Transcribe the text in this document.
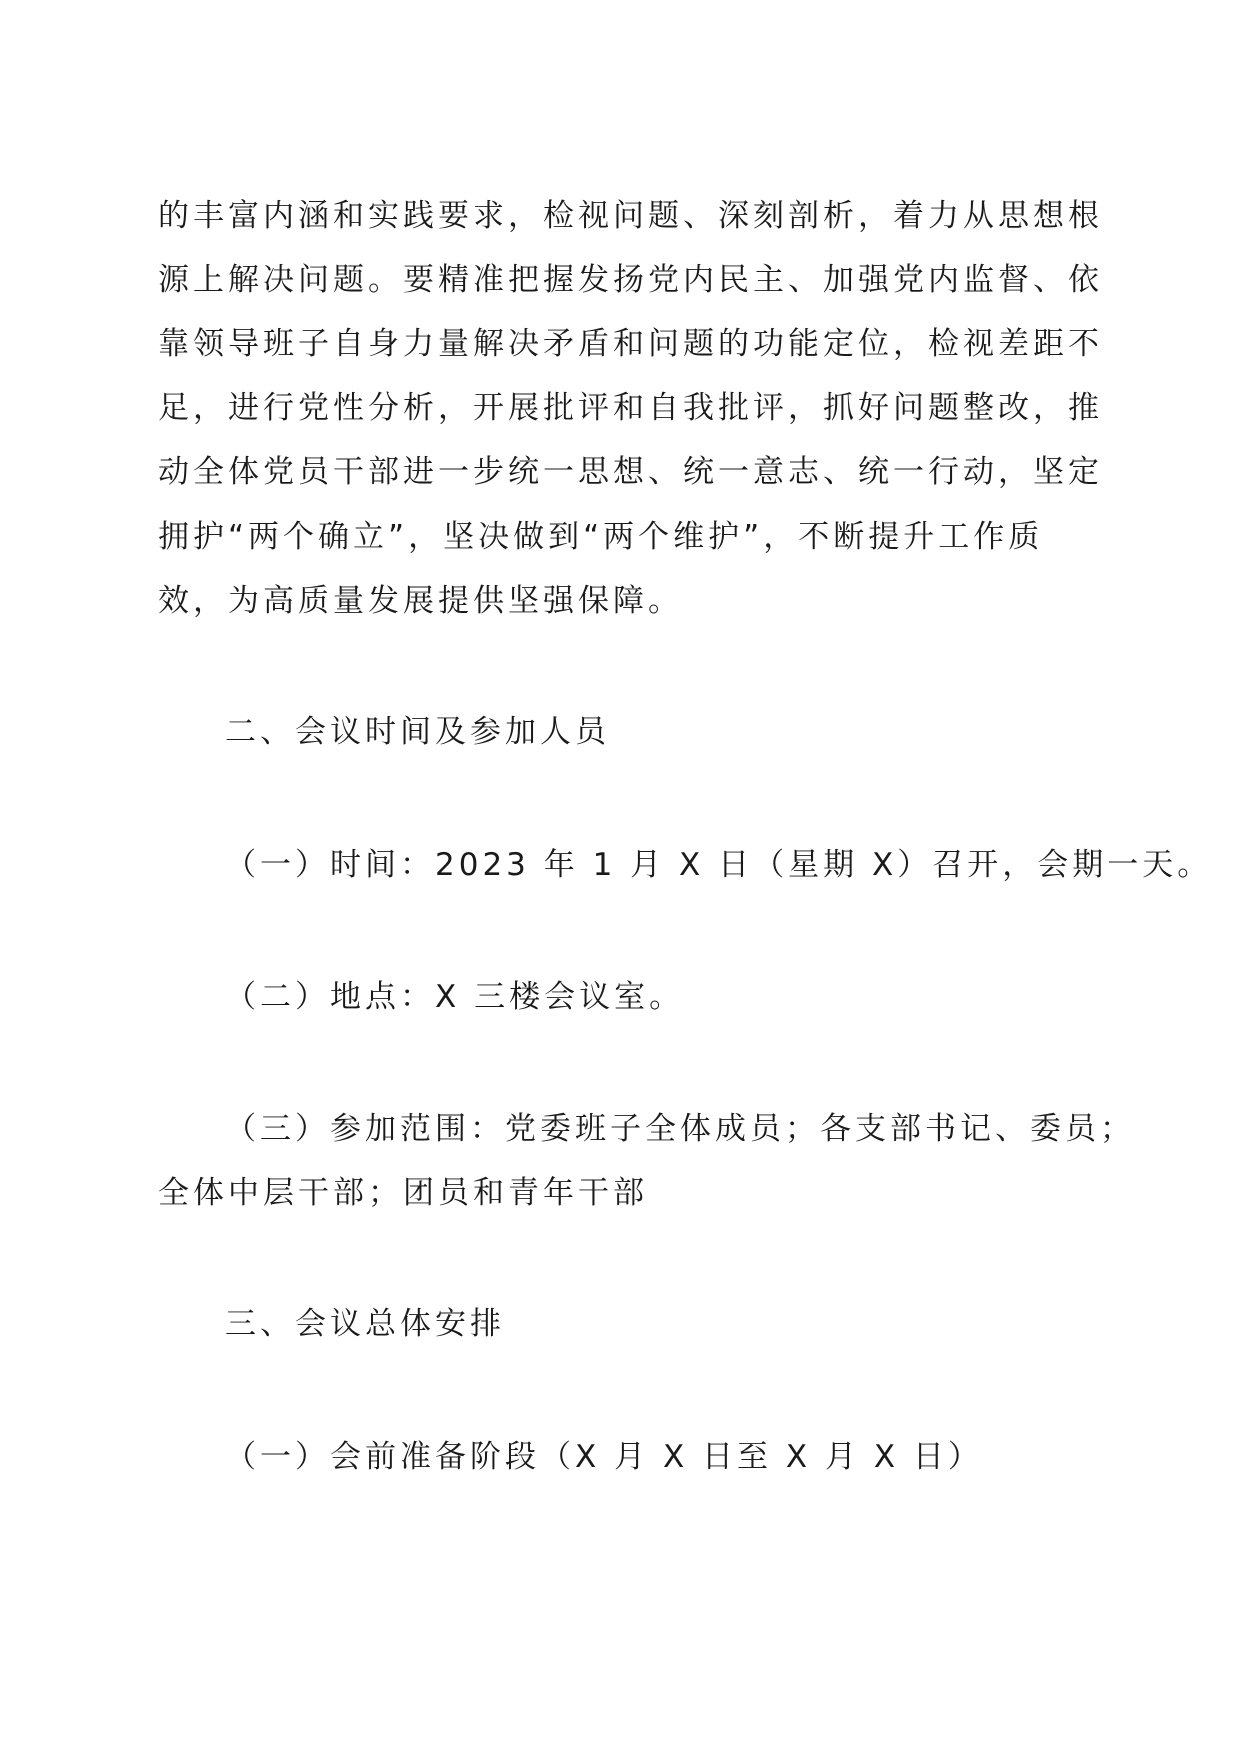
的丰富内涵和实践要求，检视问题、深刻剖析，着力从思想根
源上解决问题。要精准把握发扬党内民主、加强党内监督、依
靠领导班子自身力量解决矛盾和问题的功能定位，检视差距不
足，进行党性分析，开展批评和自我批评，抓好问题整改，推
动全体党员干部进一步统一思想、统一意志、统一行动，坚定
拥护“两个确立”，坚决做到“两个维护”，不断提升工作质
效，为高质量发展提供坚强保障。
二、会议时间及参加人员
（一）时间：2023 年 1 月 X 日（星期 X）召开，会期一天。
（二）地点：X 三楼会议室。
（三）参加范围：党委班子全体成员；各支部书记、委员；
全体中层干部；团员和青年干部
三、会议总体安排
（一）会前准备阶段（X 月 X 日至 X 月 X 日）
